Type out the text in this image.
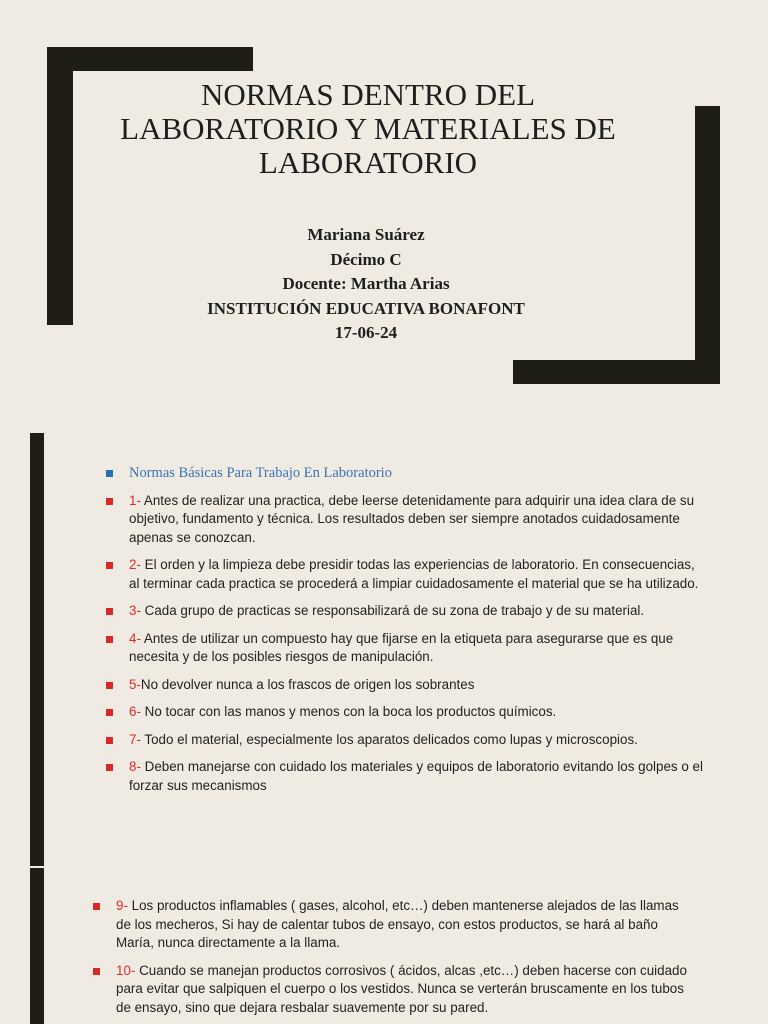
NORMAS DENTRO DEL
LABORATORIO Y MATERIALES DE
LABORATORIO
Mariana Suárez
Décimo C
Docente: Martha Arias
INSTITUCIÓN EDUCATIVA BONAFONT
17-06-24
Normas Básicas Para Trabajo En Laboratorio
1- Antes de realizar una practica, debe leerse detenidamente para adquirir una idea clara de su objetivo, fundamento y técnica. Los resultados deben ser siempre anotados cuidadosamente apenas se conozcan.
2- El orden y la limpieza debe presidir todas las experiencias de laboratorio. En consecuencias, al terminar cada practica se procederá a limpiar cuidadosamente el material que se ha utilizado.
3- Cada grupo de practicas se responsabilizará de su zona de trabajo y de su material.
4- Antes de utilizar un compuesto hay que fijarse en la etiqueta para asegurarse que es que necesita y de los posibles riesgos de manipulación.
5-No devolver nunca a los frascos de origen los sobrantes
6- No tocar con las manos y menos con la boca los productos químicos.
7- Todo el material, especialmente los aparatos delicados como lupas y microscopios.
8- Deben manejarse con cuidado los materiales y equipos de laboratorio evitando los golpes o el forzar sus mecanismos
9- Los productos inflamables ( gases, alcohol, etc…) deben mantenerse alejados de las llamas de los mecheros, Si hay de calentar tubos de ensayo, con estos productos, se hará al baño María, nunca directamente a la llama.
10- Cuando se manejan productos corrosivos ( ácidos, alcas ,etc…) deben hacerse con cuidado para evitar que salpiquen el cuerpo o los vestidos. Nunca se verterán bruscamente en los tubos de ensayo, sino que dejara resbalar suavemente por su pared.
